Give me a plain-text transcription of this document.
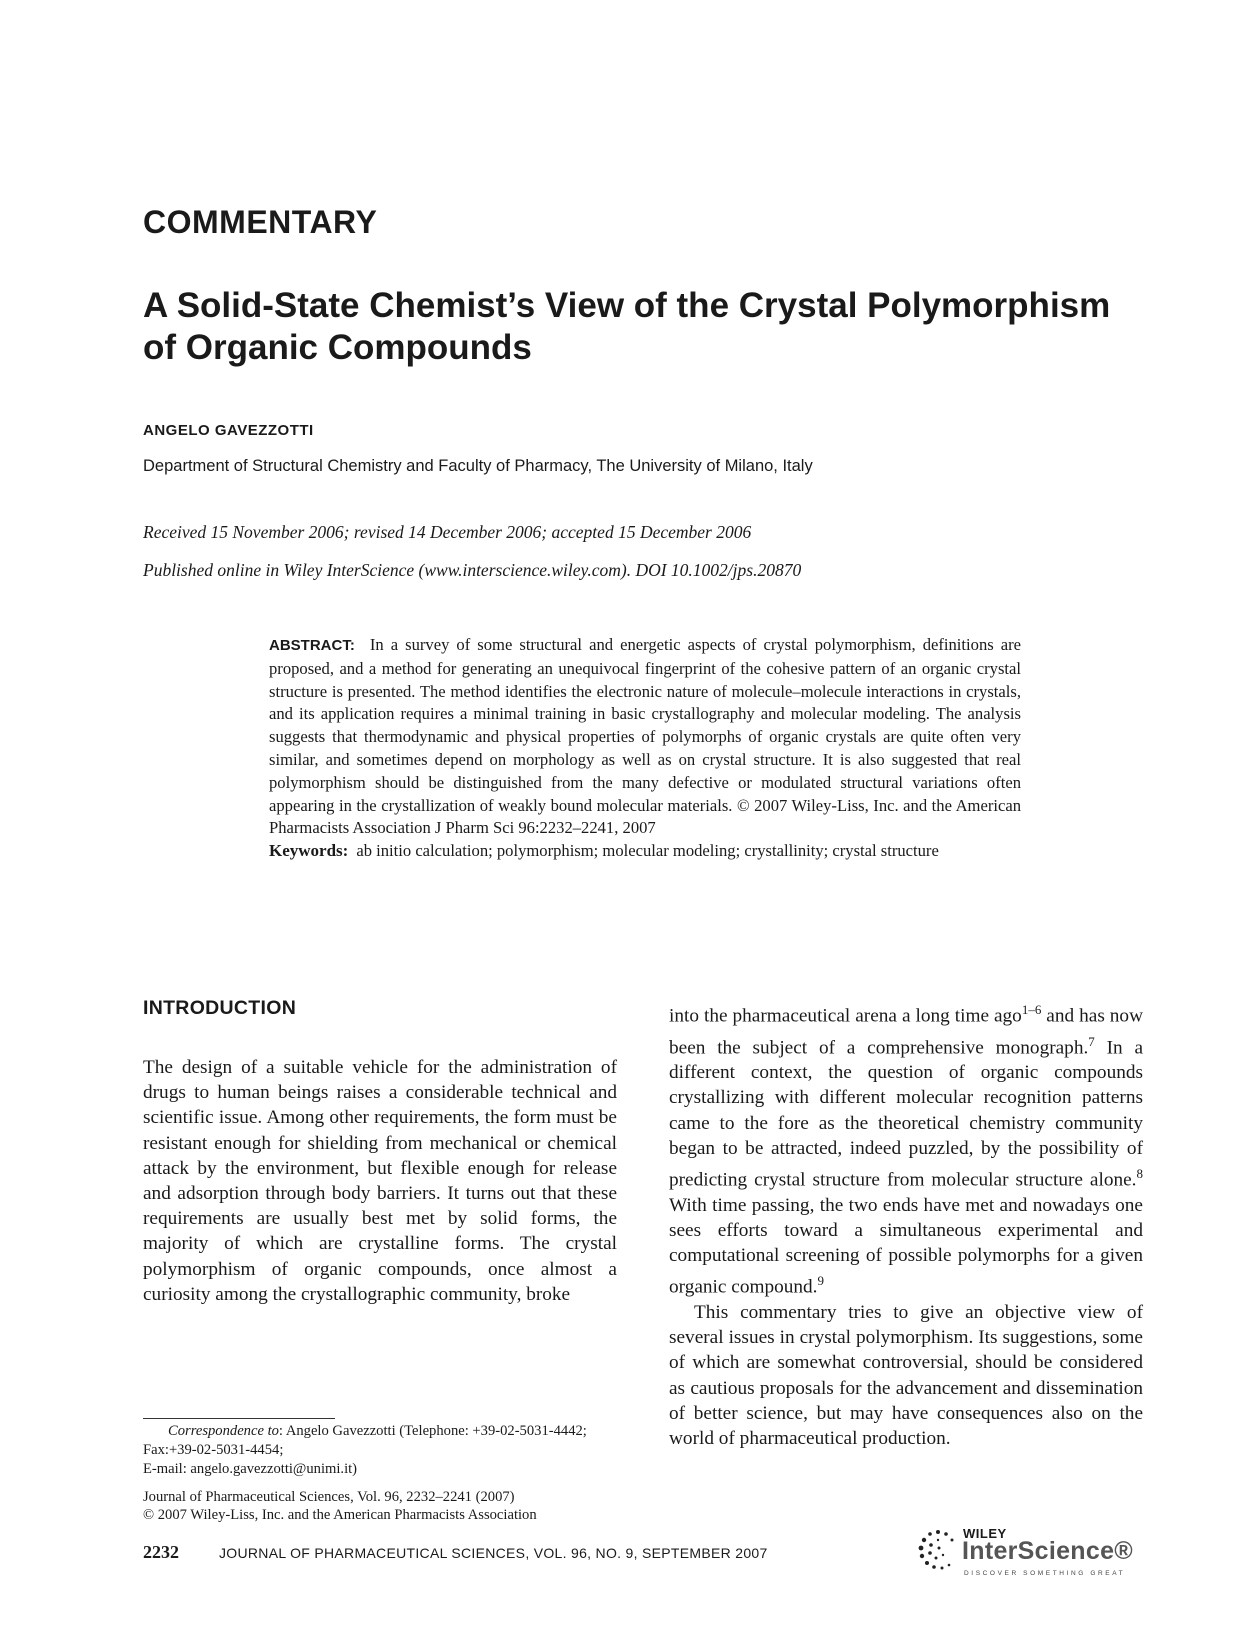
COMMENTARY
A Solid-State Chemist’s View of the Crystal Polymorphism of Organic Compounds
ANGELO GAVEZZOTTI
Department of Structural Chemistry and Faculty of Pharmacy, The University of Milano, Italy
Received 15 November 2006; revised 14 December 2006; accepted 15 December 2006
Published online in Wiley InterScience (www.interscience.wiley.com). DOI 10.1002/jps.20870
ABSTRACT: In a survey of some structural and energetic aspects of crystal polymorphism, definitions are proposed, and a method for generating an unequivocal fingerprint of the cohesive pattern of an organic crystal structure is presented. The method identifies the electronic nature of molecule–molecule interactions in crystals, and its application requires a minimal training in basic crystallography and molecular modeling. The analysis suggests that thermodynamic and physical properties of polymorphs of organic crystals are quite often very similar, and sometimes depend on morphology as well as on crystal structure. It is also suggested that real polymorphism should be distinguished from the many defective or modulated structural variations often appearing in the crystallization of weakly bound molecular materials. © 2007 Wiley-Liss, Inc. and the American Pharmacists Association J Pharm Sci 96:2232–2241, 2007
Keywords: ab initio calculation; polymorphism; molecular modeling; crystallinity; crystal structure
INTRODUCTION

The design of a suitable vehicle for the administration of drugs to human beings raises a considerable technical and scientific issue. Among other requirements, the form must be resistant enough for shielding from mechanical or chemical attack by the environment, but flexible enough for release and adsorption through body barriers. It turns out that these requirements are usually best met by solid forms, the majority of which are crystalline forms. The crystal polymorphism of organic compounds, once almost a curiosity among the crystallographic community, broke

into the pharmaceutical arena a long time ago$^{1-6}$ and has now been the subject of a comprehensive monograph.$^7$ In a different context, the question of organic compounds crystallizing with different molecular recognition patterns came to the fore as the theoretical chemistry community began to be attracted, indeed puzzled, by the possibility of predicting crystal structure from molecular structure alone.$^8$ With time passing, the two ends have met and nowadays one sees efforts toward a simultaneous experimental and computational screening of possible polymorphs for a given organic compound.$^9$

This commentary tries to give an objective view of several issues in crystal polymorphism. Its suggestions, some of which are somewhat controversial, should be considered as cautious proposals for the advancement and dissemination of better science, but may have consequences also on the world of pharmaceutical production.

Correspondence to: Angelo Gavezzotti (Telephone: +39-02-5031-4442; Fax:+39-02-5031-4454;

E-mail: angelo.gavezzotti@unimi.it)

Journal of Pharmaceutical Sciences, Vol. 96, 2232–2241 (2007)

© 2007 Wiley-Liss, Inc. and the American Pharmacists Association

2232	JOURNAL OF PHARMACEUTICAL SCIENCES, VOL. 96, NO. 9, SEPTEMBER 2007
WILEY
InterScience®
DISCOVER SOMETHING GREAT
